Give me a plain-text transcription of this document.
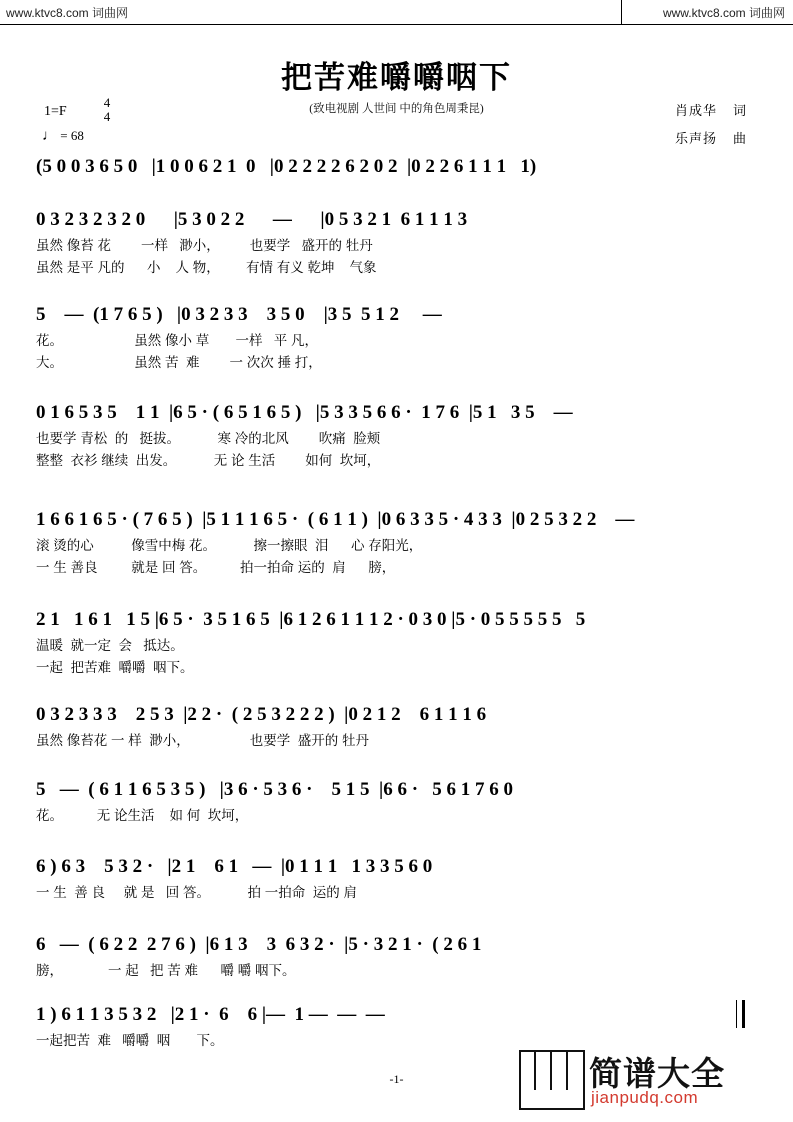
www.ktvc8.com 词曲网	www.ktvc8.com 词曲网
把苦难嚼嚼咽下
(致电视剧 人世间 中的角色周秉昆)	肖成华 词
乐声扬 曲
1=F
4
4
♩ = 68
(5 0 0 3 6 5 0   |1 0 0 6 2 1  0   |0 2 2 2 2 6 2 0 2  |0 2 2 6 1 1 1   1)
0 3 2 3 2 3 2 0      |5 3 0 2 2      —      |0 5 3 2 1  6 1 1 1 3
虽然 像苔 花        一样   渺小，        也要学   盛开的 牡丹
虽然 是平 凡的      小    人 物，       有情 有义 乾坤    气象
5    —  (1 7 6 5 )   |0 3 2 3 3    3 5 0    |3 5  5 1 2     —
花。                   虽然 像小 草       一样   平 凡，
大。                   虽然 苦  难        一 次次 捶 打，
0 1 6 5 3 5    1 1  |6 5 · ( 6 5 1 6 5 )   |5 3 3 5 6 6 ·  1 7 6  |5 1   3 5    —
也要学 青松  的   挺拔。          寒 冷的北风        吹痛  脸颊
整整  衣衫 继续  出发。          无 论 生活        如何  坎坷，
1 6 6 1 6 5 · ( 7 6 5 )  |5 1 1 1 6 5 ·  ( 6 1 1 )  |0 6 3 3 5 · 4 3 3  |0 2 5 3 2 2    —
滚 烫的心          像雪中梅 花。          擦一擦眼  泪      心 存阳光，
一 生 善良         就是 回 答。         拍一拍命 运的  肩      膀，
2 1   1 6 1   1 5 |6 5 ·  3 5 1 6 5  |6 1 2 6 1 1 1 2 · 0 3 0 |5 · 0 5 5 5 5 5   5
温暖  就一定  会   抵达。
一起  把苦难  嚼嚼  咽下。
0 3 2 3 3 3    2 5 3  |2 2 ·  ( 2 5 3 2 2 2 )  |0 2 1 2    6 1 1 1 6
虽然 像苔花 一 样  渺小，                也要学  盛开的 牡丹
5   —  ( 6 1 1 6 5 3 5 )   |3 6 · 5 3 6 ·    5 1 5  |6 6 ·   5 6 1 7 6 0
花。         无 论生活    如 何  坎坷，
6 ) 6 3    5 3 2 ·   |2 1    6 1   —  |0 1 1 1   1 3 3 5 6 0
一 生  善 良     就 是   回 答。          拍 一拍命  运的 肩
6   —  ( 6 2 2  2 7 6 )  |6 1 3    3  6 3 2 ·  |5 · 3 2 1 ·  ( 2 6 1
膀，            一 起   把 苦 难      嚼 嚼 咽下。
1 ) 6 1 1 3 5 3 2   |2 1 ·  6    6 |—  1 —  —  —
一起把苦  难   嚼嚼  咽       下。
-1-	简谱大全
jianpudq.com
